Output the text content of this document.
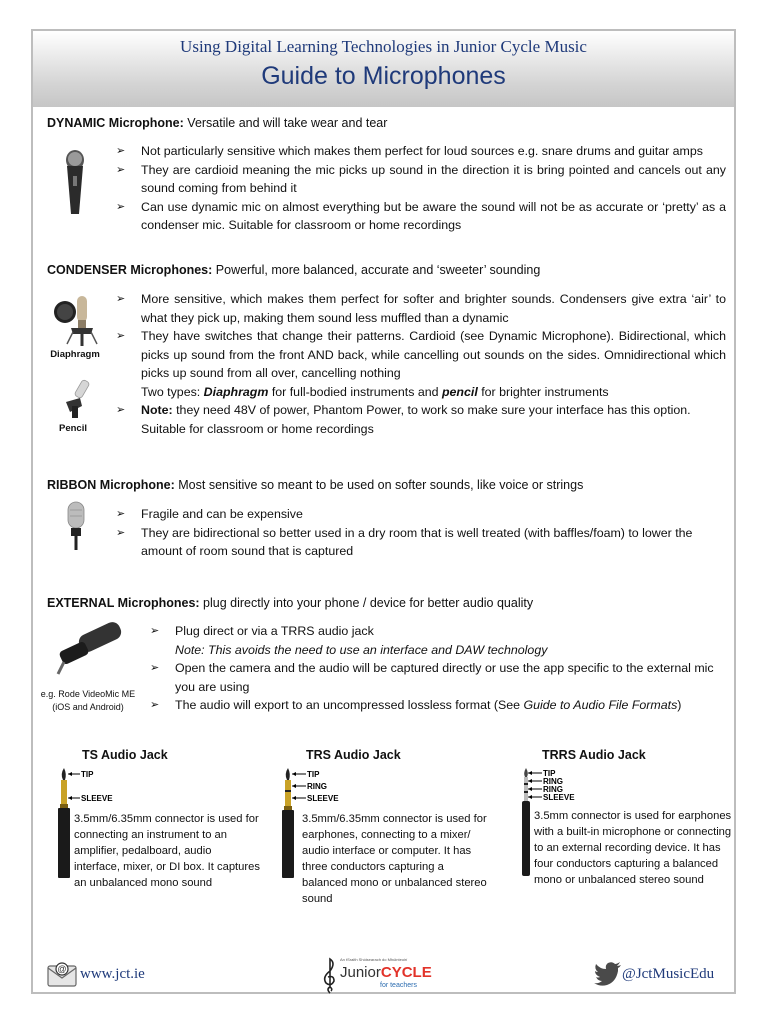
Using Digital Learning Technologies in Junior Cycle Music
Guide to Microphones
DYNAMIC Microphone: Versatile and will take wear and tear
➢ Not particularly sensitive which makes them perfect for loud sources e.g. snare drums and guitar amps
➢ They are cardioid meaning the mic picks up sound in the direction it is bring pointed and cancels out any sound coming from behind it
➢ Can use dynamic mic on almost everything but be aware the sound will not be as accurate or ‘pretty’ as a condenser mic. Suitable for classroom or home recordings
CONDENSER Microphones: Powerful, more balanced, accurate and ‘sweeter’ sounding
Diaphragm
Pencil
➢ More sensitive, which makes them perfect for softer and brighter sounds. Condensers give extra ‘air’ to what they pick up, making them sound less muffled than a dynamic
➢ They have switches that change their patterns. Cardioid (see Dynamic Microphone). Bidirectional, which picks up sound from the front AND back, while cancelling out sounds on the sides. Omnidirectional which picks up sound from all over, cancelling nothing
Two types: Diaphragm for full-bodied instruments and pencil for brighter instruments
➢ Note: they need 48V of power, Phantom Power, to work so make sure your interface has this option. Suitable for classroom or home recordings
RIBBON Microphone: Most sensitive so meant to be used on softer sounds, like voice or strings
➢ Fragile and can be expensive
➢ They are bidirectional so better used in a dry room that is well treated (with baffles/foam) to lower the amount of room sound that is captured
EXTERNAL Microphones: plug directly into your phone / device for better audio quality
e.g. Rode VideoMic ME (iOS and Android)
➢ Plug direct or via a TRRS audio jack
Note: This avoids the need to use an interface and DAW technology
➢ Open the camera and the audio will be captured directly or use the app specific to the external mic you are using
➢ The audio will export to an uncompressed lossless format (See Guide to Audio File Formats)
TS Audio Jack
TIP
SLEEVE
3.5mm/6.35mm connector is used for connecting an instrument to an amplifier, pedalboard, audio interface, mixer, or DI box. It captures an unbalanced mono sound
TRS Audio Jack
TIP
RING
SLEEVE
3.5mm/6.35mm connector is used for earphones, connecting to a mixer/ audio interface or computer. It has three conductors capturing a balanced mono or unbalanced stereo sound
TRRS Audio Jack
TIP
RING
RING
SLEEVE
3.5mm connector is used for earphones with a built-in microphone or connecting to an external recording device. It has four conductors capturing a balanced mono or unbalanced stereo sound
@ www.jct.ie
An tSraith Shóisearach do Mhúinteoirí
JuniorCYCLE
for teachers
@JctMusicEdu
